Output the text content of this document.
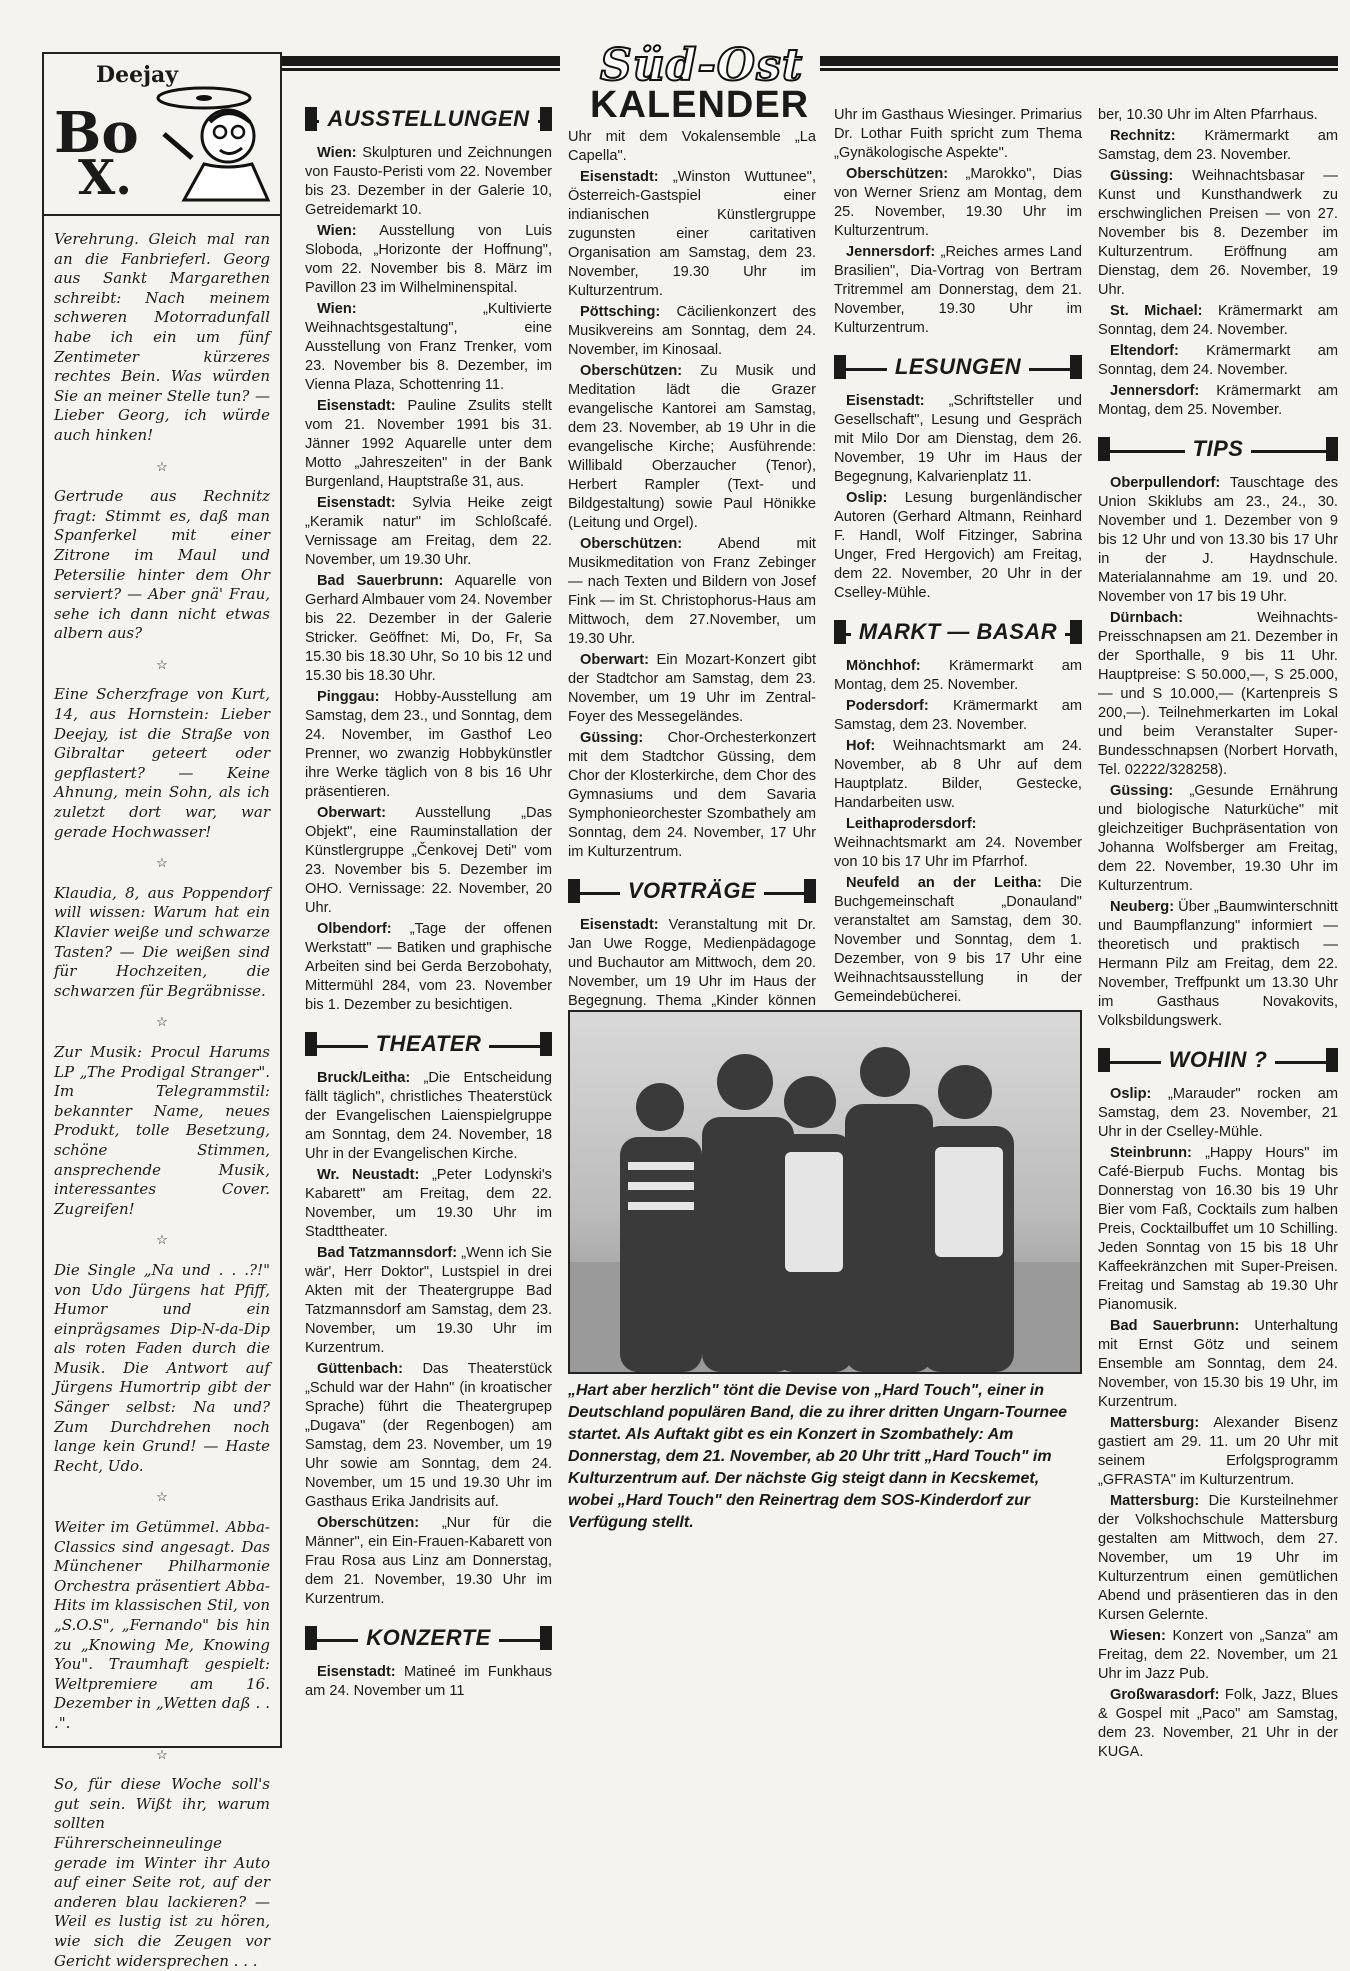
Süd-Ost
KALENDER
Deejay
Bo
X.

Verehrung. Gleich mal ran an die Fanbrieferl. Georg aus Sankt Margarethen schreibt: Nach meinem schweren Motorradunfall habe ich ein um fünf Zentimeter kürzeres rechtes Bein. Was würden Sie an meiner Stelle tun? — Lieber Georg, ich würde auch hinken!

☆

Gertrude aus Rechnitz fragt: Stimmt es, daß man Spanferkel mit einer Zitrone im Maul und Petersilie hinter dem Ohr serviert? — Aber gnä' Frau, sehe ich dann nicht etwas albern aus?

☆

Eine Scherzfrage von Kurt, 14, aus Hornstein: Lieber Deejay, ist die Straße von Gibraltar geteert oder gepflastert? — Keine Ahnung, mein Sohn, als ich zuletzt dort war, war gerade Hochwasser!

☆

Klaudia, 8, aus Poppendorf will wissen: Warum hat ein Klavier weiße und schwarze Tasten? — Die weißen sind für Hochzeiten, die schwarzen für Begräbnisse.

☆

Zur Musik: Procul Harums LP „The Prodigal Stranger". Im Telegrammstil: bekannter Name, neues Produkt, tolle Besetzung, schöne Stimmen, ansprechende Musik, interessantes Cover. Zugreifen!

☆

Die Single „Na und . . .?!" von Udo Jürgens hat Pfiff, Humor und ein einprägsames Dip-N-da-Dip als roten Faden durch die Musik. Die Antwort auf Jürgens Humortrip gibt der Sänger selbst: Na und? Zum Durchdrehen noch lange kein Grund! — Haste Recht, Udo.

☆

Weiter im Getümmel. Abba-Classics sind angesagt. Das Münchener Philharmonie Orchestra präsentiert Abba-Hits im klassischen Stil, von „S.O.S", „Fernando" bis hin zu „Knowing Me, Knowing You". Traumhaft gespielt: Weltpremiere am 16. Dezember in „Wetten daß . . .".

☆

So, für diese Woche soll's gut sein. Wißt ihr, warum sollten Führerscheinneulinge gerade im Winter ihr Auto auf einer Seite rot, auf der anderen blau lackieren? — Weil es lustig ist zu hören, wie sich die Zeugen vor Gericht widersprechen . . .

AUSSTELLUNGEN
Wien: Skulpturen und Zeichnungen von Fausto-Peristi vom 22. November bis 23. Dezember in der Galerie 10, Getreidemarkt 10.
Wien: Ausstellung von Luis Sloboda, „Horizonte der Hoffnung", vom 22. November bis 8. März im Pavillon 23 im Wilhelminenspital.
Wien: „Kultivierte Weihnachtsgestaltung", eine Ausstellung von Franz Trenker, vom 23. November bis 8. Dezember, im Vienna Plaza, Schottenring 11.
Eisenstadt: Pauline Zsulits stellt vom 21. November 1991 bis 31. Jänner 1992 Aquarelle unter dem Motto „Jahreszeiten" in der Bank Burgenland, Hauptstraße 31, aus.
Eisenstadt: Sylvia Heike zeigt „Keramik natur" im Schloßcafé. Vernissage am Freitag, dem 22. November, um 19.30 Uhr.
Bad Sauerbrunn: Aquarelle von Gerhard Almbauer vom 24. November bis 22. Dezember in der Galerie Stricker. Geöffnet: Mi, Do, Fr, Sa 15.30 bis 18.30 Uhr, So 10 bis 12 und 15.30 bis 18.30 Uhr.
Pinggau: Hobby-Ausstellung am Samstag, dem 23., und Sonntag, dem 24. November, im Gasthof Leo Prenner, wo zwanzig Hobbykünstler ihre Werke täglich von 8 bis 16 Uhr präsentieren.
Oberwart: Ausstellung „Das Objekt", eine Rauminstallation der Künstlergruppe „Čenkovej Deti" vom 23. November bis 5. Dezember im OHO. Vernissage: 22. November, 20 Uhr.
Olbendorf: „Tage der offenen Werkstatt" — Batiken und graphische Arbeiten sind bei Gerda Berzobohaty, Mittermühl 284, vom 23. November bis 1. Dezember zu besichtigen.
THEATER
Bruck/Leitha: „Die Entscheidung fällt täglich", christliches Theaterstück der Evangelischen Laienspielgruppe am Sonntag, dem 24. November, 18 Uhr in der Evangelischen Kirche.
Wr. Neustadt: „Peter Lodynski's Kabarett" am Freitag, dem 22. November, um 19.30 Uhr im Stadttheater.
Bad Tatzmannsdorf: „Wenn ich Sie wär', Herr Doktor", Lustspiel in drei Akten mit der Theatergruppe Bad Tatzmannsdorf am Samstag, dem 23. November, um 19.30 Uhr im Kurzentrum.
Güttenbach: Das Theaterstück „Schuld war der Hahn" (in kroatischer Sprache) führt die Theatergrupep „Dugava" (der Regenbogen) am Samstag, dem 23. November, um 19 Uhr sowie am Sonntag, dem 24. November, um 15 und 19.30 Uhr im Gasthaus Erika Jandrisits auf.
Oberschützen: „Nur für die Männer", ein Ein-Frauen-Kabarett von Frau Rosa aus Linz am Donnerstag, dem 21. November, 19.30 Uhr im Kurzentrum.
KONZERTE
Eisenstadt: Matineé im Funkhaus am 24. November um 11
Uhr mit dem Vokalensemble „La Capella".
Eisenstadt: „Winston Wuttunee", Österreich-Gastspiel einer indianischen Künstlergruppe zugunsten einer caritativen Organisation am Samstag, dem 23. November, 19.30 Uhr im Kulturzentrum.
Pöttsching: Cäcilienkonzert des Musikvereins am Sonntag, dem 24. November, im Kinosaal.
Oberschützen: Zu Musik und Meditation lädt die Grazer evangelische Kantorei am Samstag, dem 23. November, ab 19 Uhr in die evangelische Kirche; Ausführende: Willibald Oberzaucher (Tenor), Herbert Rampler (Text- und Bildgestaltung) sowie Paul Hönikke (Leitung und Orgel).
Oberschützen: Abend mit Musikmeditation von Franz Zebinger — nach Texten und Bildern von Josef Fink — im St. Christophorus-Haus am Mittwoch, dem 27.November, um 19.30 Uhr.
Oberwart: Ein Mozart-Konzert gibt der Stadtchor am Samstag, dem 23. November, um 19 Uhr im Zentral-Foyer des Messegeländes.
Güssing: Chor-Orchesterkonzert mit dem Stadtchor Güssing, dem Chor der Klosterkirche, dem Chor des Gymnasiums und dem Savaria Symphonieorchester Szombathely am Sonntag, dem 24. November, 17 Uhr im Kulturzentrum.
VORTRÄGE
Eisenstadt: Veranstaltung mit Dr. Jan Uwe Rogge, Medienpädagoge und Buchautor am Mittwoch, dem 20. November, um 19 Uhr im Haus der Begegnung. Thema „Kinder können
Uhr im Gasthaus Wiesinger. Primarius Dr. Lothar Fuith spricht zum Thema „Gynäkologische Aspekte".
Oberschützen: „Marokko", Dias von Werner Srienz am Montag, dem 25. November, 19.30 Uhr im Kulturzentrum.
Jennersdorf: „Reiches armes Land Brasilien", Dia-Vortrag von Bertram Tritremmel am Donnerstag, dem 21. November, 19.30 Uhr im Kulturzentrum.
LESUNGEN
Eisenstadt: „Schriftsteller und Gesellschaft", Lesung und Gespräch mit Milo Dor am Dienstag, dem 26. November, 19 Uhr im Haus der Begegnung, Kalvarienplatz 11.
Oslip: Lesung burgenländischer Autoren (Gerhard Altmann, Reinhard F. Handl, Wolf Fitzinger, Sabrina Unger, Fred Hergovich) am Freitag, dem 22. November, 20 Uhr in der Cselley-Mühle.
MARKT — BASAR
Mönchhof: Krämermarkt am Montag, dem 25. November.
Podersdorf: Krämermarkt am Samstag, dem 23. November.
Hof: Weihnachtsmarkt am 24. November, ab 8 Uhr auf dem Hauptplatz. Bilder, Gestecke, Handarbeiten usw.
Leithaprodersdorf: Weihnachtsmarkt am 24. November von 10 bis 17 Uhr im Pfarrhof.
Neufeld an der Leitha: Die Buchgemeinschaft „Donauland" veranstaltet am Samstag, dem 30. November und Sonntag, dem 1. Dezember, von 9 bis 17 Uhr eine Weihnachtsausstellung in der Gemeindebücherei.
ber, 10.30 Uhr im Alten Pfarrhaus.
Rechnitz: Krämermarkt am Samstag, dem 23. November.
Güssing: Weihnachtsbasar — Kunst und Kunsthandwerk zu erschwinglichen Preisen — von 27. November bis 8. Dezember im Kulturzentrum. Eröffnung am Dienstag, dem 26. November, 19 Uhr.
St. Michael: Krämermarkt am Sonntag, dem 24. November.
Eltendorf: Krämermarkt am Sonntag, dem 24. November.
Jennersdorf: Krämermarkt am Montag, dem 25. November.
TIPS
Oberpullendorf: Tauschtage des Union Skiklubs am 23., 24., 30. November und 1. Dezember von 9 bis 12 Uhr und von 13.30 bis 17 Uhr in der J. Haydnschule. Materialannahme am 19. und 20. November von 17 bis 19 Uhr.
Dürnbach: Weihnachts-Preisschnapsen am 21. Dezember in der Sporthalle, 9 bis 11 Uhr. Hauptpreise: S 50.000,—, S 25.000,— und S 10.000,— (Kartenpreis S 200,—). Teilnehmerkarten im Lokal und beim Veranstalter Super-Bundesschnapsen (Norbert Horvath, Tel. 02222/328258).
Güssing: „Gesunde Ernährung und biologische Naturküche" mit gleichzeitiger Buchpräsentation von Johanna Wolfsberger am Freitag, dem 22. November, 19.30 Uhr im Kulturzentrum.
Neuberg: Über „Baumwinterschnitt und Baumpflanzung" informiert — theoretisch und praktisch — Hermann Pilz am Freitag, dem 22. November, Treffpunkt um 13.30 Uhr im Gasthaus Novakovits, Volksbildungswerk.
WOHIN ?
Oslip: „Marauder" rocken am Samstag, dem 23. November, 21 Uhr in der Cselley-Mühle.
Steinbrunn: „Happy Hours" im Café-Bierpub Fuchs. Montag bis Donnerstag von 16.30 bis 19 Uhr Bier vom Faß, Cocktails zum halben Preis, Cocktailbuffet um 10 Schilling. Jeden Sonntag von 15 bis 18 Uhr Kaffeekränzchen mit Super-Preisen. Freitag und Samstag ab 19.30 Uhr Pianomusik.
Bad Sauerbrunn: Unterhaltung mit Ernst Götz und seinem Ensemble am Sonntag, dem 24. November, von 15.30 bis 19 Uhr, im Kurzentrum.
Mattersburg: Alexander Bisenz gastiert am 29. 11. um 20 Uhr mit seinem Erfolgsprogramm „GFRASTA" im Kulturzentrum.
Mattersburg: Die Kursteilnehmer der Volkshochschule Mattersburg gestalten am Mittwoch, dem 27. November, um 19 Uhr im Kulturzentrum einen gemütlichen Abend und präsentieren das in den Kursen Gelernte.
Wiesen: Konzert von „Sanza" am Freitag, dem 22. November, um 21 Uhr im Jazz Pub.
Großwarasdorf: Folk, Jazz, Blues & Gospel mit „Paco" am Samstag, dem 23. November, 21 Uhr in der KUGA.
„Hart aber herzlich" tönt die Devise von „Hard Touch", einer in Deutschland populären Band, die zu ihrer dritten Ungarn-Tournee startet. Als Auftakt gibt es ein Konzert in Szombathely: Am Donnerstag, dem 21. November, ab 20 Uhr tritt „Hard Touch" im Kulturzentrum auf. Der nächste Gig steigt dann in Kecskemet, wobei „Hard Touch" den Reinertrag dem SOS-Kinderdorf zur Verfügung stellt.
